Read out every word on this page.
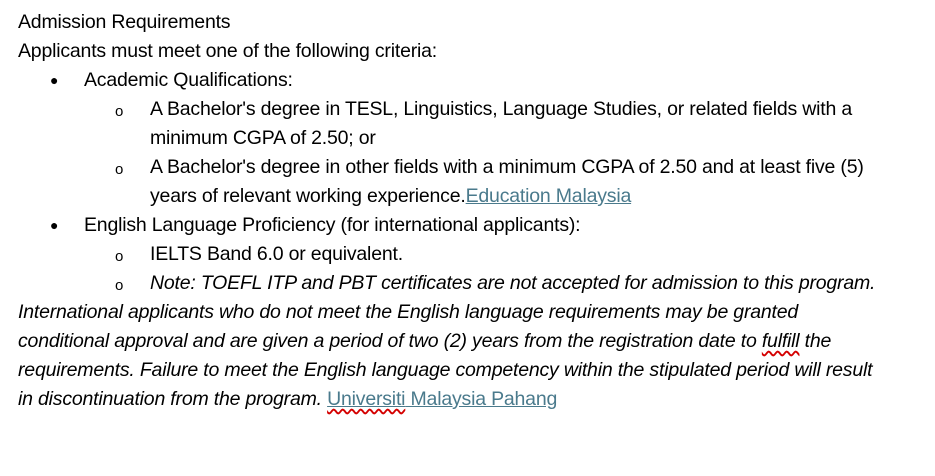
Admission Requirements
Applicants must meet one of the following criteria:
● Academic Qualifications:
o A Bachelor's degree in TESL, Linguistics, Language Studies, or related fields with a
minimum CGPA of 2.50; or
o A Bachelor's degree in other fields with a minimum CGPA of 2.50 and at least five (5)
years of relevant working experience.Education Malaysia
● English Language Proficiency (for international applicants):
o IELTS Band 6.0 or equivalent.
o Note: TOEFL ITP and PBT certificates are not accepted for admission to this program.
International applicants who do not meet the English language requirements may be granted
conditional approval and are given a period of two (2) years from the registration date to fulfill the
requirements. Failure to meet the English language competency within the stipulated period will result
in discontinuation from the program. Universiti Malaysia Pahang
